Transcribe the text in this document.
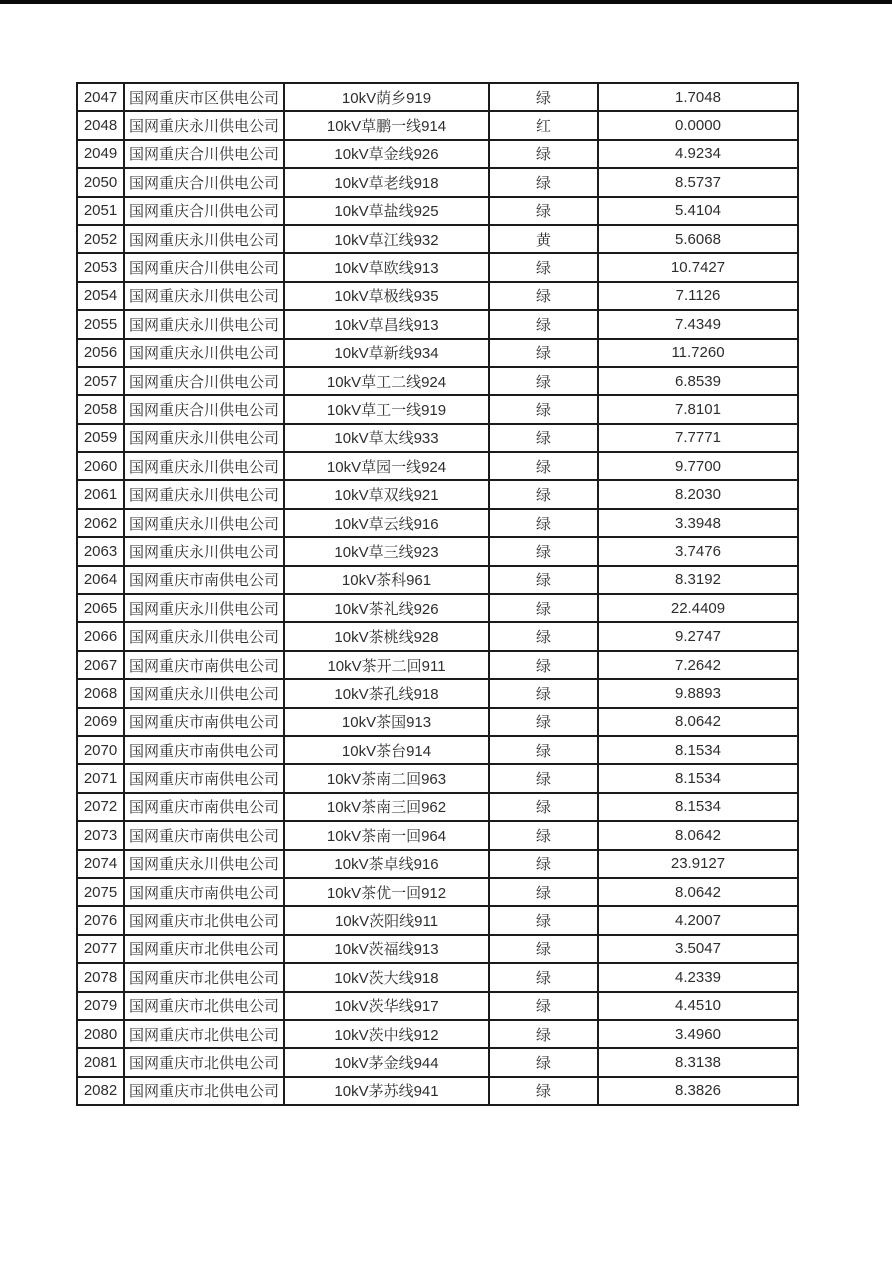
2047	国网重庆市区供电公司	10kV荫乡919	绿	1.7048
2048	国网重庆永川供电公司	10kV草鹏一线914	红	0.0000
2049	国网重庆合川供电公司	10kV草金线926	绿	4.9234
2050	国网重庆合川供电公司	10kV草老线918	绿	8.5737
2051	国网重庆合川供电公司	10kV草盐线925	绿	5.4104
2052	国网重庆永川供电公司	10kV草江线932	黄	5.6068
2053	国网重庆合川供电公司	10kV草欧线913	绿	10.7427
2054	国网重庆永川供电公司	10kV草极线935	绿	7.1126
2055	国网重庆永川供电公司	10kV草昌线913	绿	7.4349
2056	国网重庆永川供电公司	10kV草新线934	绿	11.7260
2057	国网重庆合川供电公司	10kV草工二线924	绿	6.8539
2058	国网重庆合川供电公司	10kV草工一线919	绿	7.8101
2059	国网重庆永川供电公司	10kV草太线933	绿	7.7771
2060	国网重庆永川供电公司	10kV草园一线924	绿	9.7700
2061	国网重庆永川供电公司	10kV草双线921	绿	8.2030
2062	国网重庆永川供电公司	10kV草云线916	绿	3.3948
2063	国网重庆永川供电公司	10kV草三线923	绿	3.7476
2064	国网重庆市南供电公司	10kV茶科961	绿	8.3192
2065	国网重庆永川供电公司	10kV茶礼线926	绿	22.4409
2066	国网重庆永川供电公司	10kV茶桃线928	绿	9.2747
2067	国网重庆市南供电公司	10kV茶开二回911	绿	7.2642
2068	国网重庆永川供电公司	10kV茶孔线918	绿	9.8893
2069	国网重庆市南供电公司	10kV茶国913	绿	8.0642
2070	国网重庆市南供电公司	10kV茶台914	绿	8.1534
2071	国网重庆市南供电公司	10kV茶南二回963	绿	8.1534
2072	国网重庆市南供电公司	10kV茶南三回962	绿	8.1534
2073	国网重庆市南供电公司	10kV茶南一回964	绿	8.0642
2074	国网重庆永川供电公司	10kV茶卓线916	绿	23.9127
2075	国网重庆市南供电公司	10kV茶优一回912	绿	8.0642
2076	国网重庆市北供电公司	10kV茨阳线911	绿	4.2007
2077	国网重庆市北供电公司	10kV茨福线913	绿	3.5047
2078	国网重庆市北供电公司	10kV茨大线918	绿	4.2339
2079	国网重庆市北供电公司	10kV茨华线917	绿	4.4510
2080	国网重庆市北供电公司	10kV茨中线912	绿	3.4960
2081	国网重庆市北供电公司	10kV茅金线944	绿	8.3138
2082	国网重庆市北供电公司	10kV茅苏线941	绿	8.3826
